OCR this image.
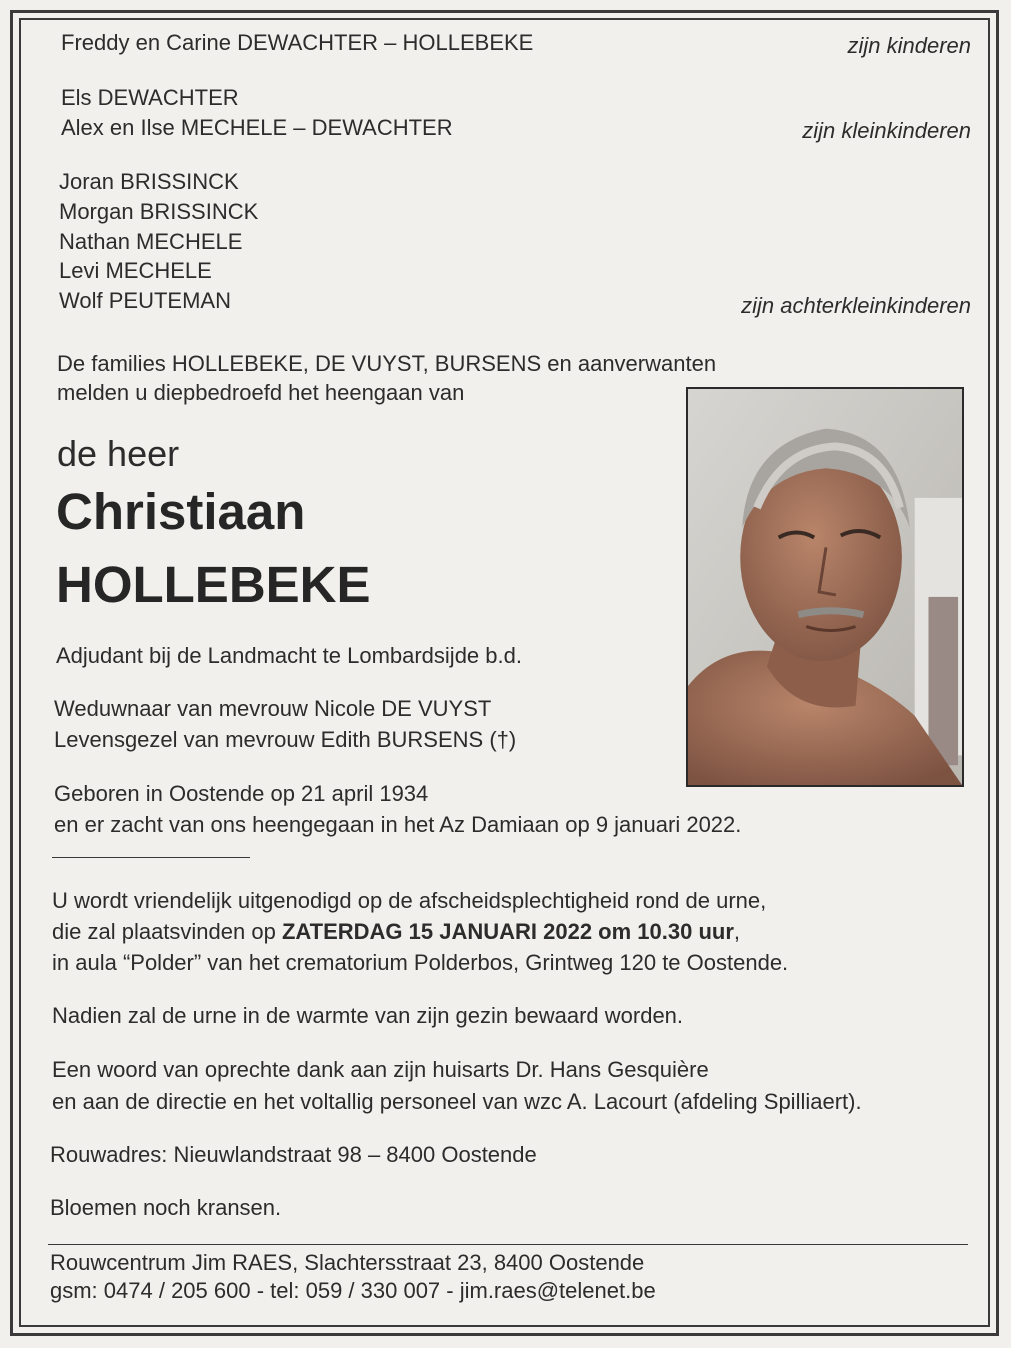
Freddy en Carine DEWACHTER – HOLLEBEKE	zijn kinderen
Els DEWACHTER
Alex en Ilse MECHELE – DEWACHTER	zijn kleinkinderen
Joran BRISSINCK
Morgan BRISSINCK
Nathan MECHELE
Levi MECHELE
Wolf PEUTEMAN	zijn achterkleinkinderen
De families HOLLEBEKE, DE VUYST, BURSENS en aanverwanten
melden u diepbedroefd het heengaan van
de heer
Christiaan
HOLLEBEKE
Adjudant bij de Landmacht te Lombardsijde b.d.
Weduwnaar van mevrouw Nicole DE VUYST
Levensgezel van mevrouw Edith BURSENS (†)
Geboren in Oostende op 21 april 1934
en er zacht van ons heengegaan in het Az Damiaan op 9 januari 2022.
U wordt vriendelijk uitgenodigd op de afscheidsplechtigheid rond de urne,
die zal plaatsvinden op ZATERDAG 15 JANUARI 2022 om 10.30 uur,
in aula “Polder” van het crematorium Polderbos, Grintweg 120 te Oostende.
Nadien zal de urne in de warmte van zijn gezin bewaard worden.
Een woord van oprechte dank aan zijn huisarts Dr. Hans Gesquière
en aan de directie en het voltallig personeel van wzc A. Lacourt (afdeling Spilliaert).
Rouwadres: Nieuwlandstraat 98 – 8400 Oostende
Bloemen noch kransen.
Rouwcentrum Jim RAES, Slachtersstraat 23, 8400 Oostende
gsm: 0474 / 205 600 - tel: 059 / 330 007 - jim.raes@telenet.be
